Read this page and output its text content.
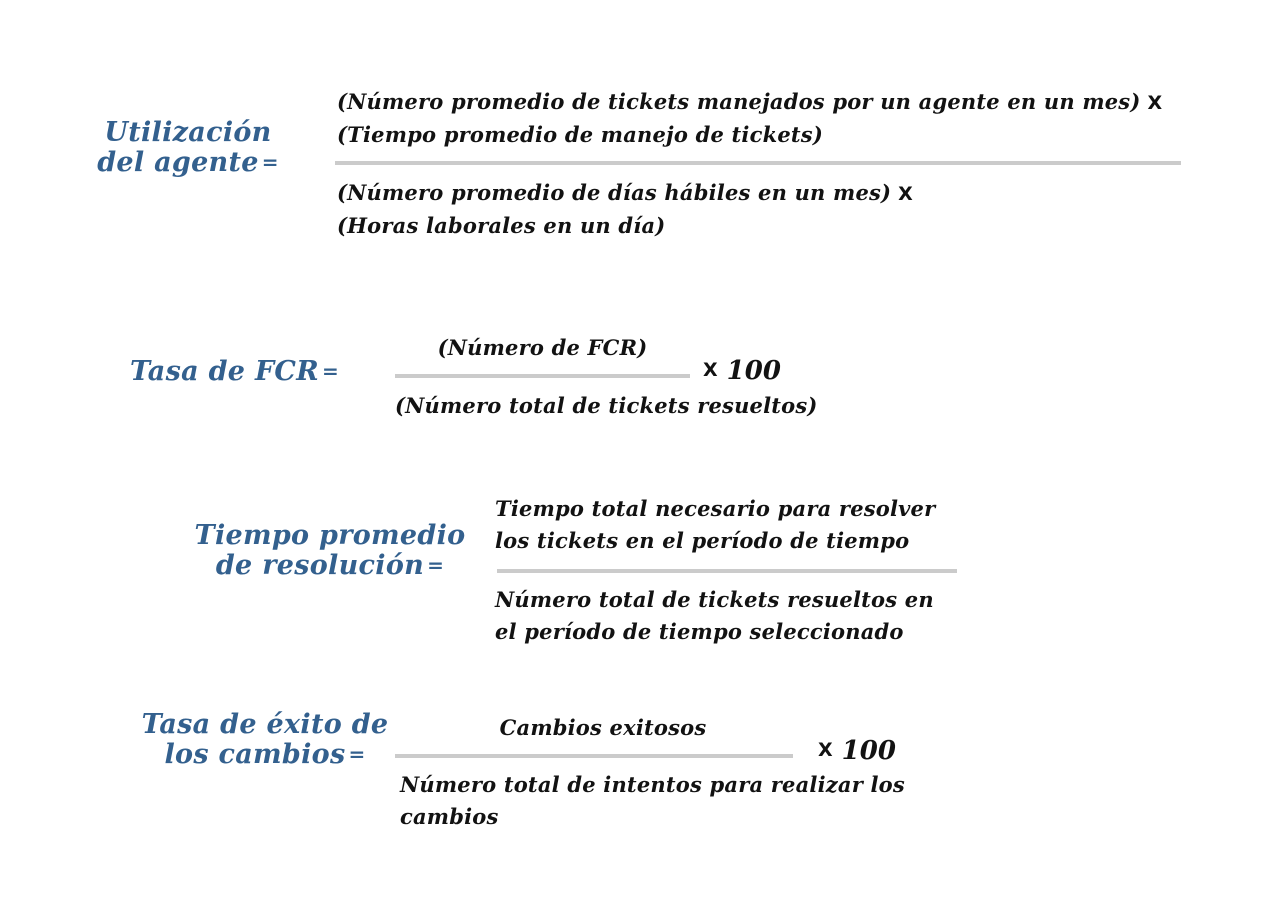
Utilización
del agente =
(Número promedio de tickets manejados por un agente en un mes) X
(Tiempo promedio de manejo de tickets)
(Número promedio de días hábiles en un mes) X
(Horas laborales en un día)
Tasa de FCR =
(Número de FCR)
X 100
(Número total de tickets resueltos)
Tiempo promedio
de resolución =
Tiempo total necesario para resolver
los tickets en el período de tiempo
Número total de tickets resueltos en
el período de tiempo seleccionado
Tasa de éxito de
los cambios =
Cambios exitosos
X 100
Número total de intentos para realizar los
cambios
